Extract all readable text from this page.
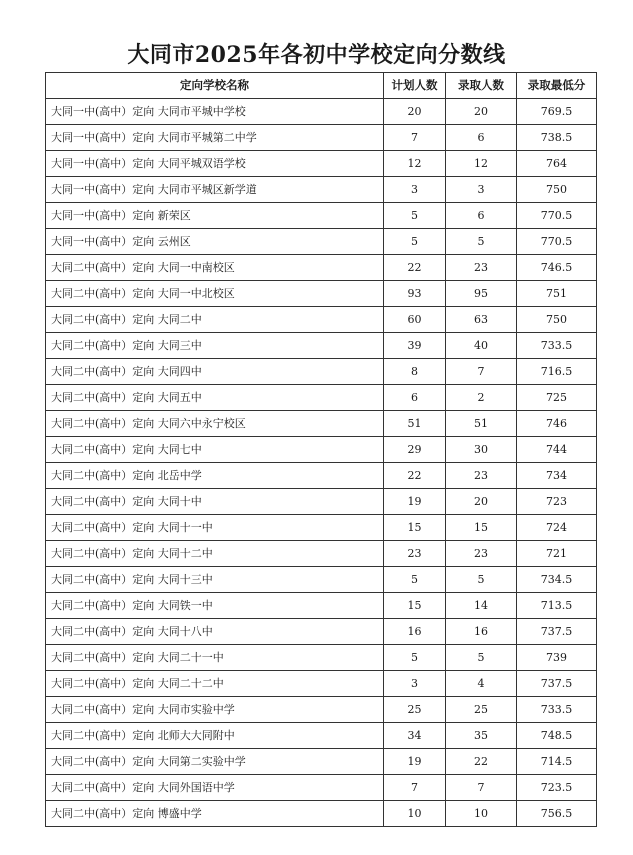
大同市2025年各初中学校定向分数线
定向学校名称	计划人数	录取人数	录取最低分
大同一中(高中）定向 大同市平城中学校	20	20	769.5
大同一中(高中）定向 大同市平城第二中学	7	6	738.5
大同一中(高中）定向 大同平城双语学校	12	12	764
大同一中(高中）定向 大同市平城区新学道	3	3	750
大同一中(高中）定向 新荣区	5	6	770.5
大同一中(高中）定向 云州区	5	5	770.5
大同二中(高中）定向 大同一中南校区	22	23	746.5
大同二中(高中）定向 大同一中北校区	93	95	751
大同二中(高中）定向 大同二中	60	63	750
大同二中(高中）定向 大同三中	39	40	733.5
大同二中(高中）定向 大同四中	8	7	716.5
大同二中(高中）定向 大同五中	6	2	725
大同二中(高中）定向 大同六中永宁校区	51	51	746
大同二中(高中）定向 大同七中	29	30	744
大同二中(高中）定向 北岳中学	22	23	734
大同二中(高中）定向 大同十中	19	20	723
大同二中(高中）定向 大同十一中	15	15	724
大同二中(高中）定向 大同十二中	23	23	721
大同二中(高中）定向 大同十三中	5	5	734.5
大同二中(高中）定向 大同铁一中	15	14	713.5
大同二中(高中）定向 大同十八中	16	16	737.5
大同二中(高中）定向 大同二十一中	5	5	739
大同二中(高中）定向 大同二十二中	3	4	737.5
大同二中(高中）定向 大同市实验中学	25	25	733.5
大同二中(高中）定向 北师大大同附中	34	35	748.5
大同二中(高中）定向 大同第二实验中学	19	22	714.5
大同二中(高中）定向 大同外国语中学	7	7	723.5
大同二中(高中）定向 博盛中学	10	10	756.5
